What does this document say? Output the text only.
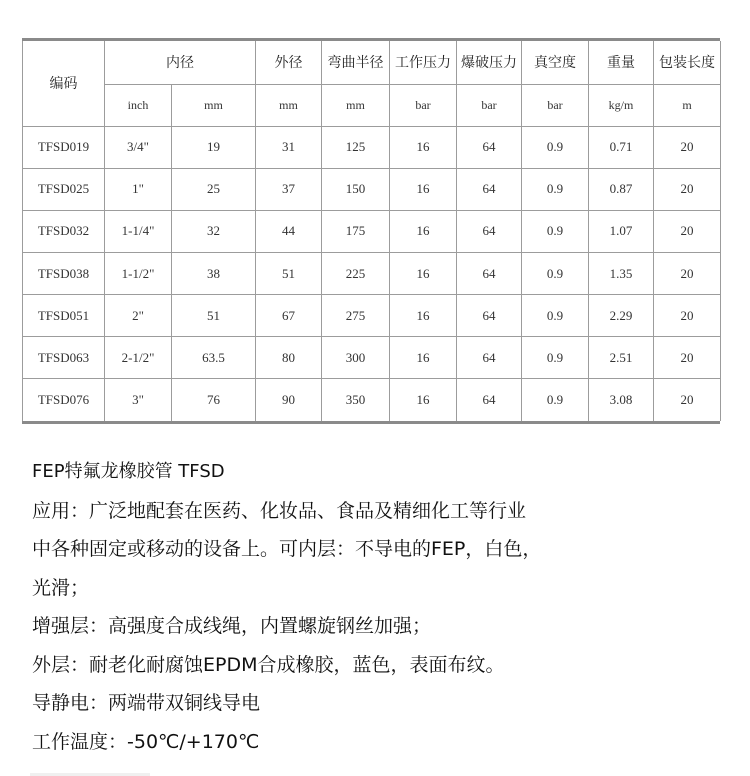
编码	内径		外径	弯曲半径	工作压力	爆破压力	真空度	重量	包装长度
	inch	mm	mm	mm	bar	bar	bar	kg/m	m
TFSD019	3/4"	19	31	125	16	64	0.9	0.71	20
TFSD025	1"	25	37	150	16	64	0.9	0.87	20
TFSD032	1-1/4"	32	44	175	16	64	0.9	1.07	20
TFSD038	1-1/2"	38	51	225	16	64	0.9	1.35	20
TFSD051	2"	51	67	275	16	64	0.9	2.29	20
TFSD063	2-1/2"	63.5	80	300	16	64	0.9	2.51	20
TFSD076	3"	76	90	350	16	64	0.9	3.08	20
FEP特氟龙橡胶管 TFSD
应用：广泛地配套在医药、化妆品、食品及精细化工等行业
中各种固定或移动的设备上。可内层：不导电的FEP，白色，
光滑；
增强层：高强度合成线绳，内置螺旋钢丝加强；
外层：耐老化耐腐蚀EPDM合成橡胶，蓝色，表面布纹。
导静电：两端带双铜线导电
工作温度：-50℃/+170℃
